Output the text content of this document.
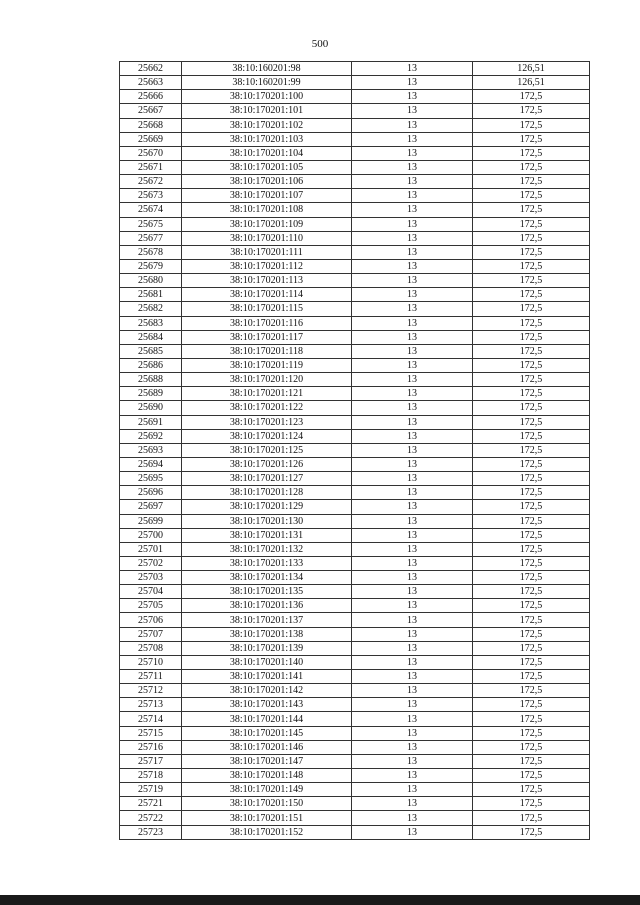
500
25662	38:10:160201:98	13	126,51
25663	38:10:160201:99	13	126,51
25666	38:10:170201:100	13	172,5
25667	38:10:170201:101	13	172,5
25668	38:10:170201:102	13	172,5
25669	38:10:170201:103	13	172,5
25670	38:10:170201:104	13	172,5
25671	38:10:170201:105	13	172,5
25672	38:10:170201:106	13	172,5
25673	38:10:170201:107	13	172,5
25674	38:10:170201:108	13	172,5
25675	38:10:170201:109	13	172,5
25677	38:10:170201:110	13	172,5
25678	38:10:170201:111	13	172,5
25679	38:10:170201:112	13	172,5
25680	38:10:170201:113	13	172,5
25681	38:10:170201:114	13	172,5
25682	38:10:170201:115	13	172,5
25683	38:10:170201:116	13	172,5
25684	38:10:170201:117	13	172,5
25685	38:10:170201:118	13	172,5
25686	38:10:170201:119	13	172,5
25688	38:10:170201:120	13	172,5
25689	38:10:170201:121	13	172,5
25690	38:10:170201:122	13	172,5
25691	38:10:170201:123	13	172,5
25692	38:10:170201:124	13	172,5
25693	38:10:170201:125	13	172,5
25694	38:10:170201:126	13	172,5
25695	38:10:170201:127	13	172,5
25696	38:10:170201:128	13	172,5
25697	38:10:170201:129	13	172,5
25699	38:10:170201:130	13	172,5
25700	38:10:170201:131	13	172,5
25701	38:10:170201:132	13	172,5
25702	38:10:170201:133	13	172,5
25703	38:10:170201:134	13	172,5
25704	38:10:170201:135	13	172,5
25705	38:10:170201:136	13	172,5
25706	38:10:170201:137	13	172,5
25707	38:10:170201:138	13	172,5
25708	38:10:170201:139	13	172,5
25710	38:10:170201:140	13	172,5
25711	38:10:170201:141	13	172,5
25712	38:10:170201:142	13	172,5
25713	38:10:170201:143	13	172,5
25714	38:10:170201:144	13	172,5
25715	38:10:170201:145	13	172,5
25716	38:10:170201:146	13	172,5
25717	38:10:170201:147	13	172,5
25718	38:10:170201:148	13	172,5
25719	38:10:170201:149	13	172,5
25721	38:10:170201:150	13	172,5
25722	38:10:170201:151	13	172,5
25723	38:10:170201:152	13	172,5
